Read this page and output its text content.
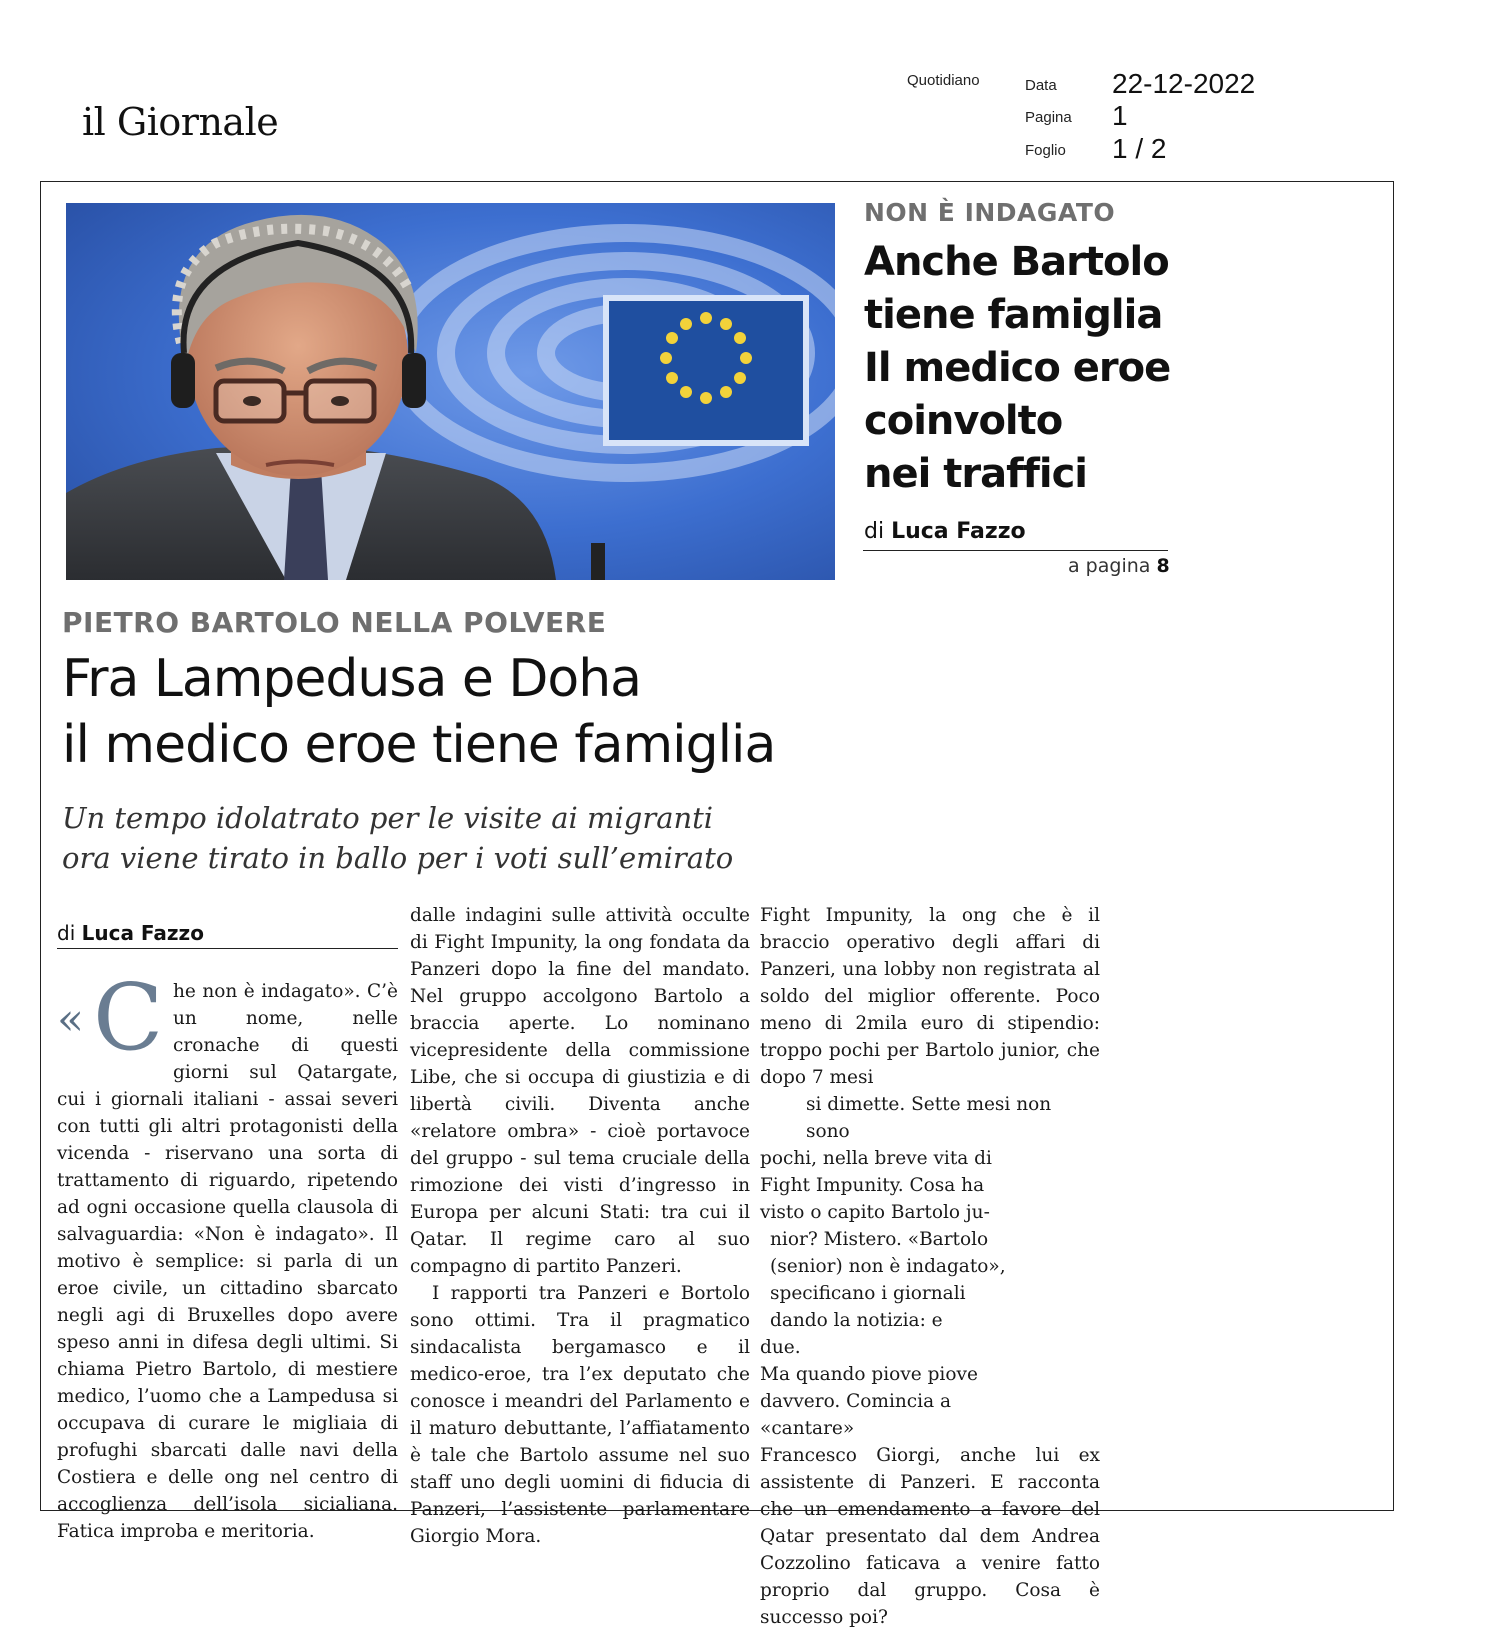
il Giornale
Quotidiano	Data 22-12-2022
Pagina 1
Foglio 1 / 2
NON È INDAGATO
Anche Bartolo
tiene famiglia
Il medico eroe
coinvolto
nei traffici
di Luca Fazzo
a pagina 8
PIETRO BARTOLO NELLA POLVERE
Fra Lampedusa e Doha
il medico eroe tiene famiglia
Un tempo idolatrato per le visite ai migranti
ora viene tirato in ballo per i voti sull’emirato
di Luca Fazzo
« C he non è indagato». C’è un nome, nelle cronache di questi giorni sul Qatargate, cui i giornali italiani - assai severi con tutti gli altri protagonisti della vicenda - riservano una sorta di trattamento di riguardo, ripetendo ad ogni occasione quella clausola di salvaguardia: «Non è indagato». Il motivo è semplice: si parla di un eroe civile, un cittadino sbarcato negli agi di Bruxelles dopo avere speso anni in difesa degli ultimi. Si chiama Pietro Bartolo, di mestiere medico, l’uomo che a Lampedusa si occupava di curare le migliaia di profughi sbarcati dalle navi della Costiera e delle ong nel centro di accoglienza dell’isola sicialiana. Fatica improba e meritoria.

dalle indagini sulle attività occulte di Fight Impunity, la ong fondata da Panzeri dopo la fine del mandato. Nel gruppo accolgono Bartolo a braccia aperte. Lo nominano vicepresidente della commissione Libe, che si occupa di giustizia e di libertà civili. Diventa anche «relatore ombra» - cioè portavoce del gruppo - sul tema cruciale della rimozione dei visti d’ingresso in Europa per alcuni Stati: tra cui il Qatar. Il regime caro al suo compagno di partito Panzeri.

I rapporti tra Panzeri e Bortolo sono ottimi. Tra il pragmatico sindacalista bergamasco e il medico-eroe, tra l’ex deputato che conosce i meandri del Parlamento e il maturo debuttante, l’affiatamento è tale che Bartolo assume nel suo staff uno degli uomini di fiducia di Panzeri, l’assistente parlamentare Giorgio Mora.

Fight Impunity, la ong che è il braccio operativo degli affari di Panzeri, una lobby non registrata al soldo del miglior offerente. Poco meno di 2mila euro di stipendio: troppo pochi per Bartolo junior, che dopo 7 mesi

si dimette. Sette mesi non sono

pochi, nella breve vita di Fight Impunity. Cosa ha visto o capito Bartolo ju-

nior? Mistero. «Bartolo (senior) non è indagato», specificano i giornali dando la notizia: e

due.

Ma quando piove piove davvero. Comincia a «cantare»

Francesco Giorgi, anche lui ex assistente di Panzeri. E racconta che un emendamento a favore del Qatar presentato dal dem Andrea Cozzolino faticava a venire fatto proprio dal gruppo. Cosa è successo poi?
